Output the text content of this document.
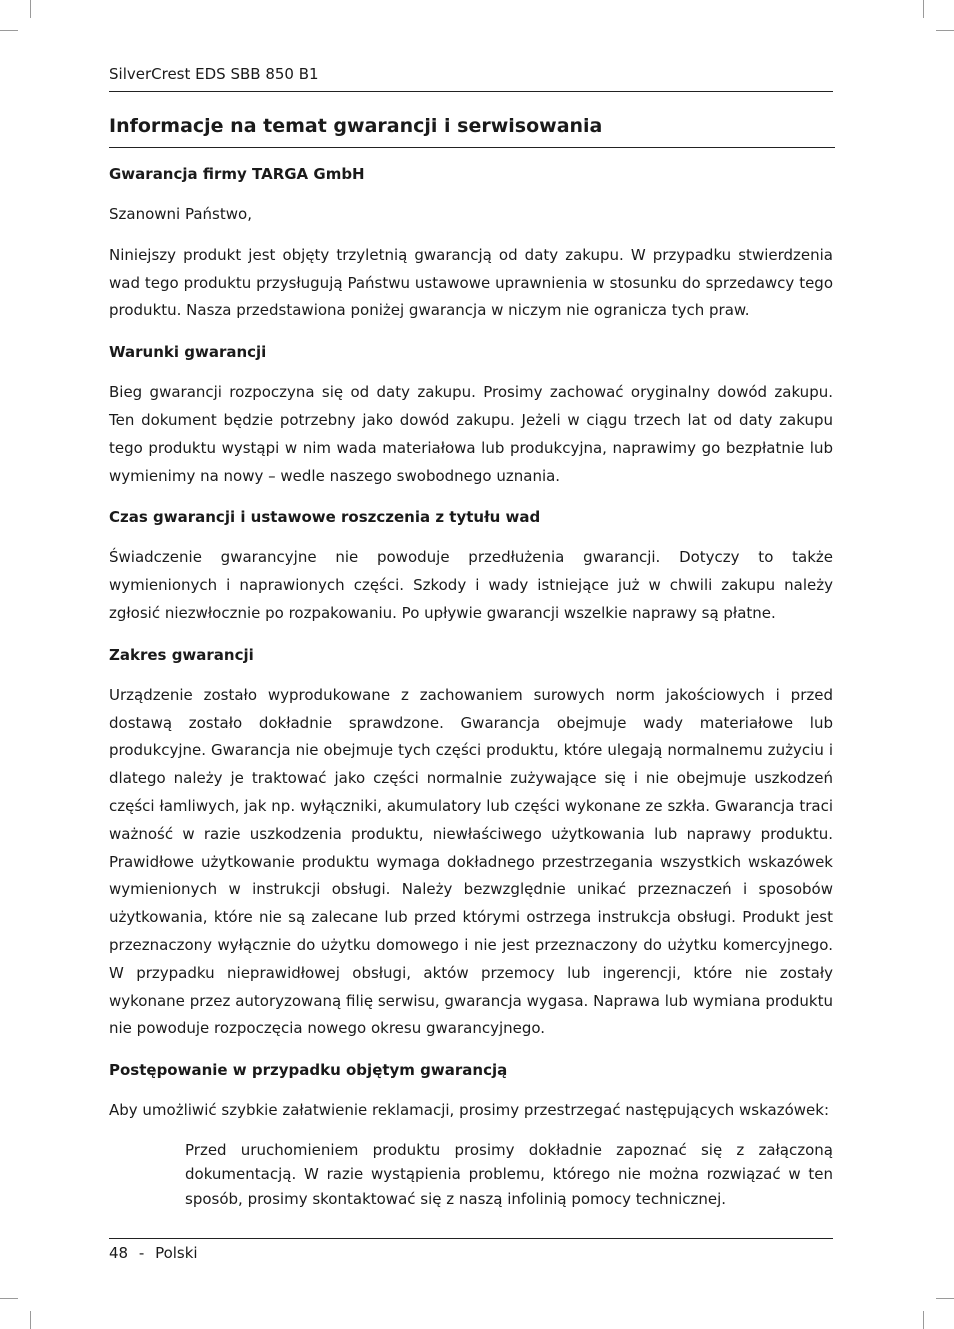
SilverCrest EDS SBB 850 B1
Informacje na temat gwarancji i serwisowania
Gwarancja firmy TARGA GmbH

Szanowni Państwo,

Niniejszy produkt jest objęty trzyletnią gwarancją od daty zakupu. W przypadku stwierdzenia wad tego produktu przysługują Państwu ustawowe uprawnienia w stosunku do sprzedawcy tego produktu. Nasza przedstawiona poniżej gwarancja w niczym nie ogranicza tych praw.

Warunki gwarancji

Bieg gwarancji rozpoczyna się od daty zakupu. Prosimy zachować oryginalny dowód zakupu. Ten dokument będzie potrzebny jako dowód zakupu. Jeżeli w ciągu trzech lat od daty zakupu tego produktu wystąpi w nim wada materiałowa lub produkcyjna, naprawimy go bezpłatnie lub wymienimy na nowy – wedle naszego swobodnego uznania.

Czas gwarancji i ustawowe roszczenia z tytułu wad

Świadczenie gwarancyjne nie powoduje przedłużenia gwarancji. Dotyczy to także wymienionych i naprawionych części. Szkody i wady istniejące już w chwili zakupu należy zgłosić niezwłocznie po rozpakowaniu. Po upływie gwarancji wszelkie naprawy są płatne.

Zakres gwarancji

Urządzenie zostało wyprodukowane z zachowaniem surowych norm jakościowych i przed dostawą zostało dokładnie sprawdzone. Gwarancja obejmuje wady materiałowe lub produkcyjne. Gwarancja nie obejmuje tych części produktu, które ulegają normalnemu zużyciu i dlatego należy je traktować jako części normalnie zużywające się i nie obejmuje uszkodzeń części łamliwych, jak np. wyłączniki, akumulatory lub części wykonane ze szkła. Gwarancja traci ważność w razie uszkodzenia produktu, niewłaściwego użytkowania lub naprawy produktu. Prawidłowe użytkowanie produktu wymaga dokładnego przestrzegania wszystkich wskazówek wymienionych w instrukcji obsługi. Należy bezwzględnie unikać przeznaczeń i sposobów użytkowania, które nie są zalecane lub przed którymi ostrzega instrukcja obsługi. Produkt jest przeznaczony wyłącznie do użytku domowego i nie jest przeznaczony do użytku komercyjnego. W przypadku nieprawidłowej obsługi, aktów przemocy lub ingerencji, które nie zostały wykonane przez autoryzowaną filię serwisu, gwarancja wygasa. Naprawa lub wymiana produktu nie powoduje rozpoczęcia nowego okresu gwarancyjnego.

Postępowanie w przypadku objętym gwarancją

Aby umożliwić szybkie załatwienie reklamacji, prosimy przestrzegać następujących wskazówek:

Przed uruchomieniem produktu prosimy dokładnie zapoznać się z załączoną dokumentacją. W razie wystąpienia problemu, którego nie można rozwiązać w ten sposób, prosimy skontaktować się z naszą infolinią pomocy technicznej.

48 - Polski
